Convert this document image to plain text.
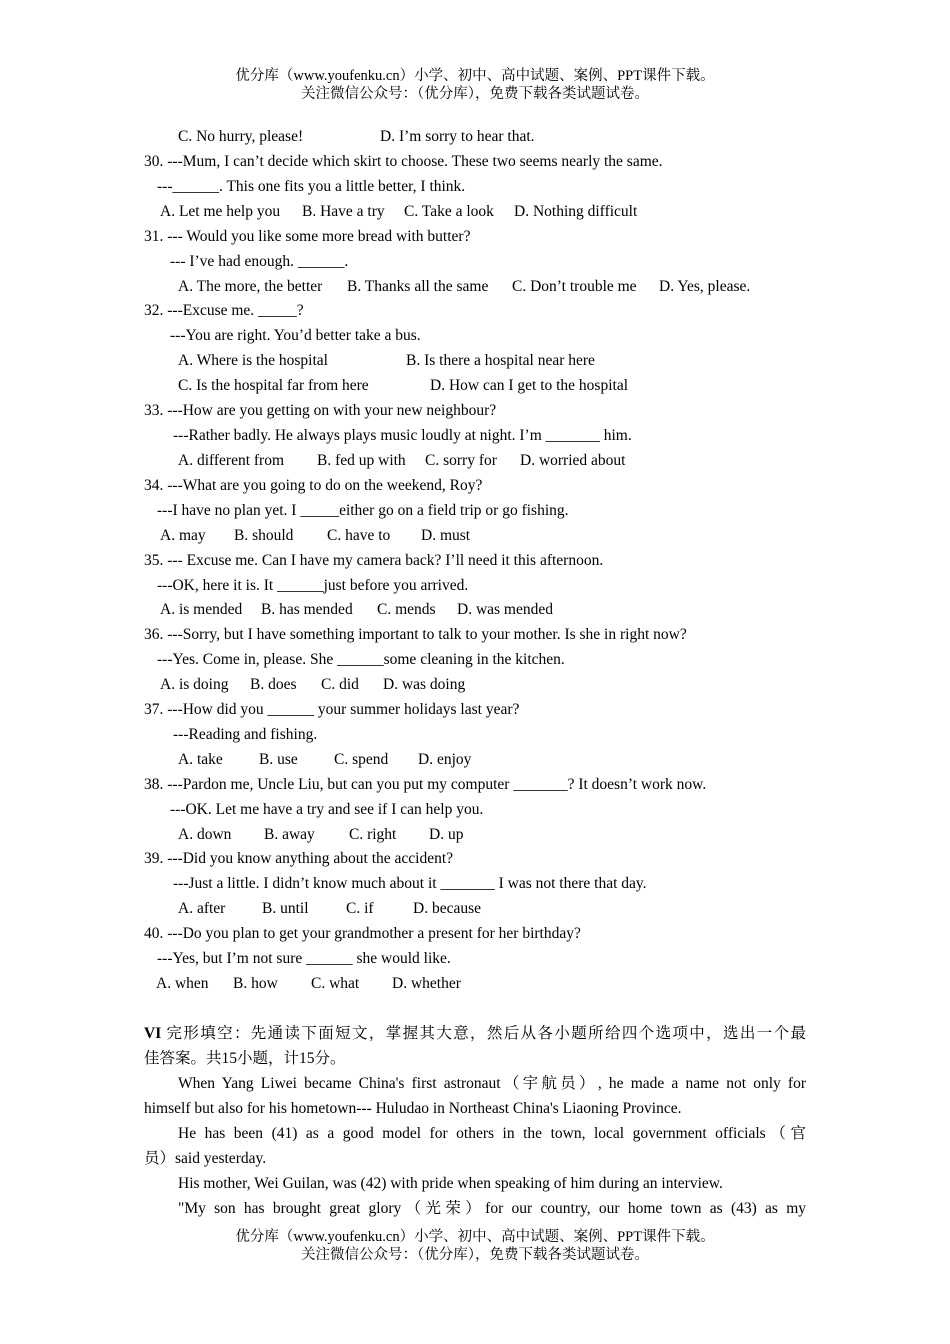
优分库（www.youfenku.cn）小学、初中、高中试题、案例、PPT课件下载。
关注微信公众号：（优分库），免费下载各类试题试卷。
C. No hurry, please!	D. I’m sorry to hear that.
30. ---Mum, I can’t decide which skirt to choose. These two seems nearly the same.
---______. This one fits you a little better, I think.
A. Let me help you B. Have a try C. Take a look D. Nothing difficult
31. --- Would you like some more bread with butter?
--- I’ve had enough. ______.
A. The more, the better B. Thanks all the same C. Don’t trouble me D. Yes, please.
32. ---Excuse me. _____?
---You are right. You’d better take a bus.
A. Where is the hospital	B. Is there a hospital near here
C. Is the hospital far from here	D. How can I get to the hospital
33. ---How are you getting on with your new neighbour?
---Rather badly. He always plays music loudly at night. I’m _______ him.
A. different from B. fed up with C. sorry for D. worried about
34. ---What are you going to do on the weekend, Roy?
---I have no plan yet. I _____either go on a field trip or go fishing.
A. may B. should C. have to D. must
35. --- Excuse me. Can I have my camera back? I’ll need it this afternoon.
---OK, here it is. It ______just before you arrived.
A. is mended B. has mended C. mends D. was mended
36. ---Sorry, but I have something important to talk to your mother. Is she in right now?
---Yes. Come in, please. She ______some cleaning in the kitchen.
A. is doing B. does C. did D. was doing
37. ---How did you ______ your summer holidays last year?
---Reading and fishing.
A. take B. use C. spend D. enjoy
38. ---Pardon me, Uncle Liu, but can you put my computer _______? It doesn’t work now.
---OK. Let me have a try and see if I can help you.
A. down B. away C. right D. up
39. ---Did you know anything about the accident?
---Just a little. I didn’t know much about it _______ I was not there that day.
A. after B. until C. if	D. because
40. ---Do you plan to get your grandmother a present for her birthday?
---Yes, but I’m not sure ______ she would like.
A. when B. how C. what D. whether
VI 完形填空：先通读下面短文，掌握其大意，然后从各小题所给四个选项中，选出一个最
佳答案。共15小题，计15分。
When Yang Liwei became China's first astronaut（宇航员）, he made a name not only for
himself but also for his hometown--- Huludao in Northeast China's Liaoning Province.
He has been (41) as a good model for others in the town, local government officials（官
员）said yesterday.
His mother, Wei Guilan, was (42) with pride when speaking of him during an interview.
"My son has brought great glory（光荣）for our country, our home town as (43) as my
优分库（www.youfenku.cn）小学、初中、高中试题、案例、PPT课件下载。
关注微信公众号：（优分库），免费下载各类试题试卷。
